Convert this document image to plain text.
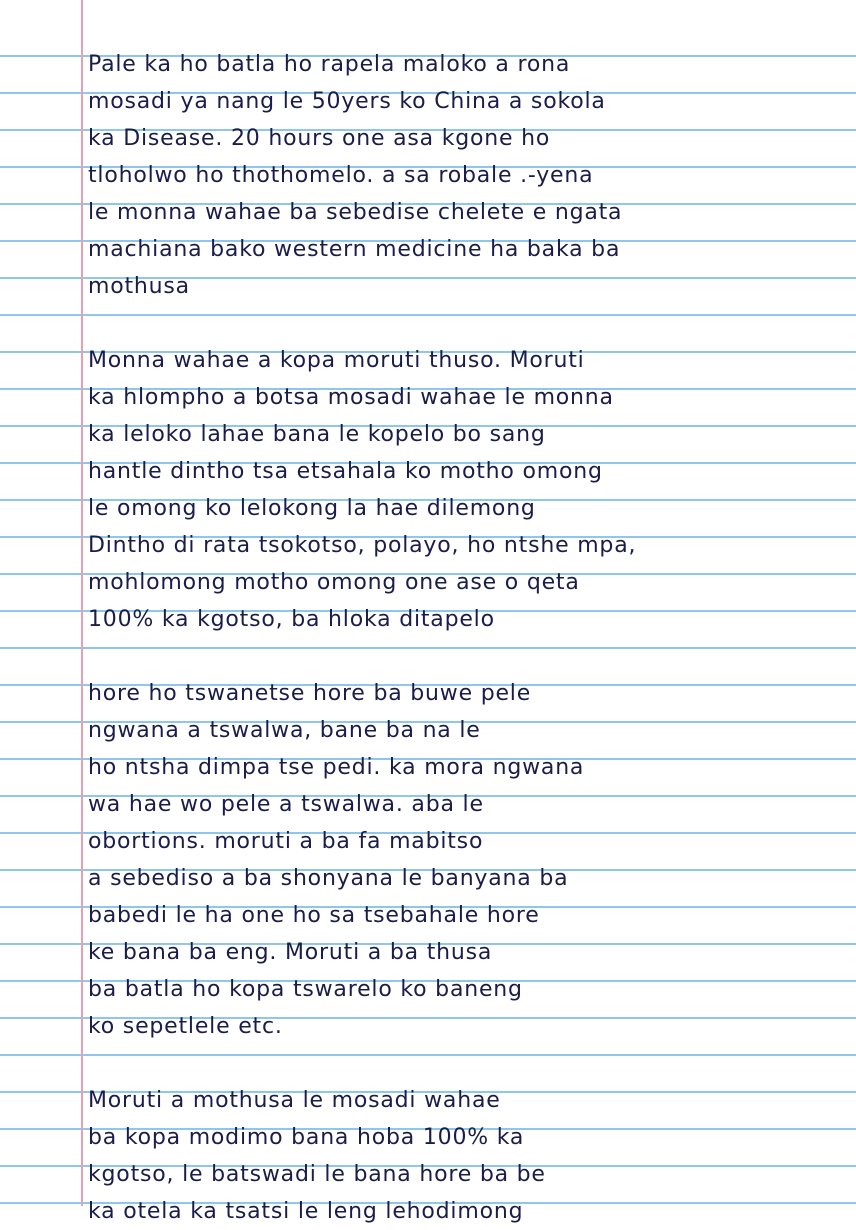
Pale ka ho batla ho rapela maloko a rona
mosadi ya nang le 50yers ko China a sokola
ka Disease. 20 hours one asa kgone ho
tloholwo ho thothomelo. a sa robale .-yena
le monna wahae ba sebedise chelete e ngata
machiana bako western medicine ha baka ba
mothusa
Monna wahae a kopa moruti thuso. Moruti
ka hlompho a botsa mosadi wahae le monna
ka leloko lahae bana le kopelo bo sang
hantle dintho tsa etsahala ko motho omong
le omong ko lelokong la hae dilemong
Dintho di rata tsokotso, polayo, ho ntshe mpa,
mohlomong motho omong one ase o qeta
100% ka kgotso, ba hloka ditapelo
hore ho tswanetse hore ba buwe pele
ngwana a tswalwa, bane ba na le
ho ntsha dimpa tse pedi. ka mora ngwana
wa hae wo pele a tswalwa. aba le
obortions. moruti a ba fa mabitso
a sebediso a ba shonyana le banyana ba
babedi le ha one ho sa tsebahale hore
ke bana ba eng. Moruti a ba thusa
ba batla ho kopa tswarelo ko baneng
ko sepetlele etc.
Moruti a mothusa le mosadi wahae
ba kopa modimo bana hoba 100% ka
kgotso, le batswadi le bana hore ba be
ka otela ka tsatsi le leng lehodimong
